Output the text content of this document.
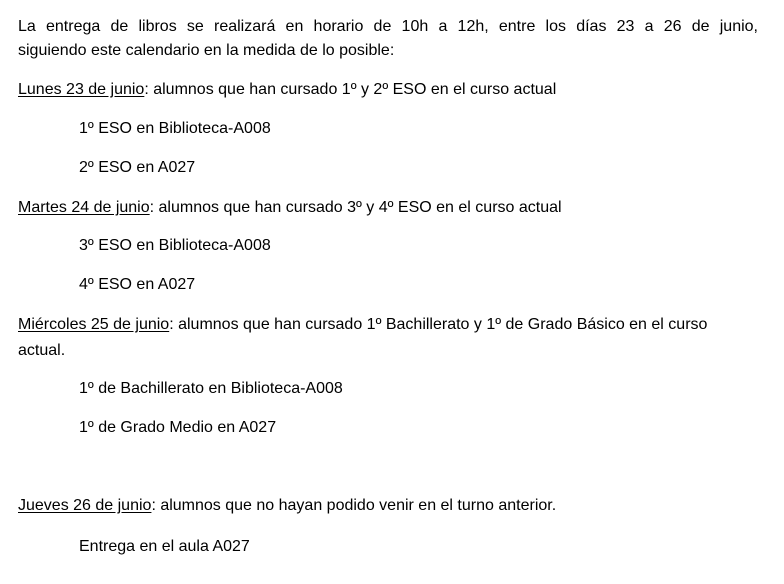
La entrega de libros se realizará en horario de 10h a 12h, entre los días 23 a 26 de junio,
siguiendo este calendario en la medida de lo posible:
Lunes 23 de junio: alumnos que han cursado 1º y 2º ESO en el curso actual
1º ESO en Biblioteca-A008
2º ESO en A027
Martes 24 de junio: alumnos que han cursado 3º y 4º ESO en el curso actual
3º ESO en Biblioteca-A008
4º ESO en A027
Miércoles 25 de junio: alumnos que han cursado 1º Bachillerato y 1º de Grado Básico en el curso
actual.
1º de Bachillerato en Biblioteca-A008
1º de Grado Medio en A027
Jueves 26 de junio: alumnos que no hayan podido venir en el turno anterior.
Entrega en el aula A027
